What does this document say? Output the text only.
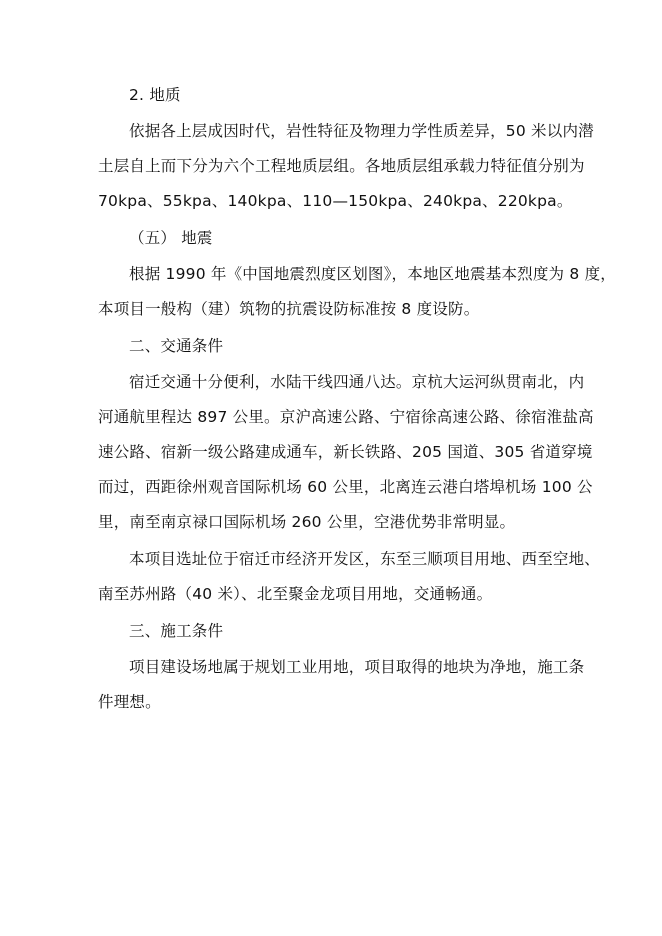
2. 地质
依据各上层成因时代，岩性特征及物理力学性质差异，50 米以内潜
土层自上而下分为六个工程地质层组。各地质层组承载力特征值分别为
70kpa、55kpa、140kpa、110—150kpa、240kpa、220kpa。
（五） 地震
根据 1990 年《中国地震烈度区划图》，本地区地震基本烈度为 8 度，
本项目一般构（建）筑物的抗震设防标准按 8 度设防。
二、交通条件
宿迁交通十分便利，水陆干线四通八达。京杭大运河纵贯南北，内
河通航里程达 897 公里。京沪高速公路、宁宿徐高速公路、徐宿淮盐高
速公路、宿新一级公路建成通车，新长铁路、205 国道、305 省道穿境
而过，西距徐州观音国际机场 60 公里，北离连云港白塔埠机场 100 公
里，南至南京禄口国际机场 260 公里，空港优势非常明显。
本项目选址位于宿迁市经济开发区，东至三顺项目用地、西至空地、
南至苏州路（40 米）、北至聚金龙项目用地，交通畅通。
三、施工条件
项目建设场地属于规划工业用地，项目取得的地块为净地，施工条
件理想。
